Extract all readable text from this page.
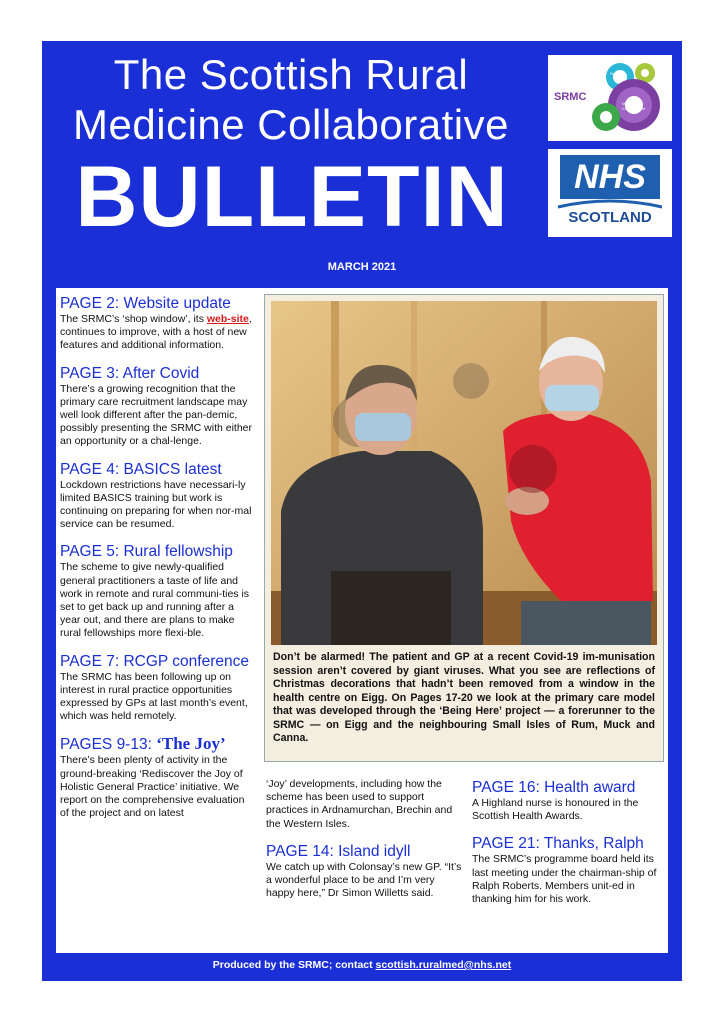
The Scottish Rural
Medicine Collaborative
BULLETIN
MARCH 2021
SRMC
Rural
Medicine Collaborative
NHS
SCOTLAND
PAGE 2: Website update
The SRMC’s ‘shop window’, its web-site, continues to improve, with a host of new features and additional information.
PAGE 3: After Covid
There’s a growing recognition that the primary care recruitment landscape may well look different after the pan-demic, possibly presenting the SRMC with either an opportunity or a chal-lenge.
PAGE 4: BASICS latest
Lockdown restrictions have necessari-ly limited BASICS training but work is continuing on preparing for when nor-mal service can be resumed.
PAGE 5: Rural fellowship
The scheme to give newly-qualified general practitioners a taste of life and work in remote and rural communi-ties is set to get back up and running after a year out, and there are plans to make rural fellowships more flexi-ble.
PAGE 7: RCGP conference
The SRMC has been following up on interest in rural practice opportunities expressed by GPs at last month’s event, which was held remotely.
PAGES 9-13: ‘The Joy’
There’s been plenty of activity in the ground-breaking ‘Rediscover the Joy of Holistic General Practice’ initiative. We report on the comprehensive evaluation of the project and on latest
Don’t be alarmed! The patient and GP at a recent Covid-19 im-munisation session aren’t covered by giant viruses. What you see are reflections of Christmas decorations that hadn’t been removed from a window in the health centre on Eigg. On Pages 17-20 we look at the primary care model that was developed through the ‘Being Here’ project — a forerunner to the SRMC — on Eigg and the neighbouring Small Isles of Rum, Muck and Canna.
‘Joy’ developments, including how the scheme has been used to support practices in Ardnamurchan, Brechin and the Western Isles.
PAGE 14: Island idyll
We catch up with Colonsay’s new GP. “It’s a wonderful place to be and I’m very happy here,” Dr Simon Willetts said.
PAGE 16: Health award
A Highland nurse is honoured in the Scottish Health Awards.
PAGE 21: Thanks, Ralph
The SRMC’s programme board held its last meeting under the chairman-ship of Ralph Roberts. Members unit-ed in thanking him for his work.
Produced by the SRMC; contact scottish.ruralmed@nhs.net
